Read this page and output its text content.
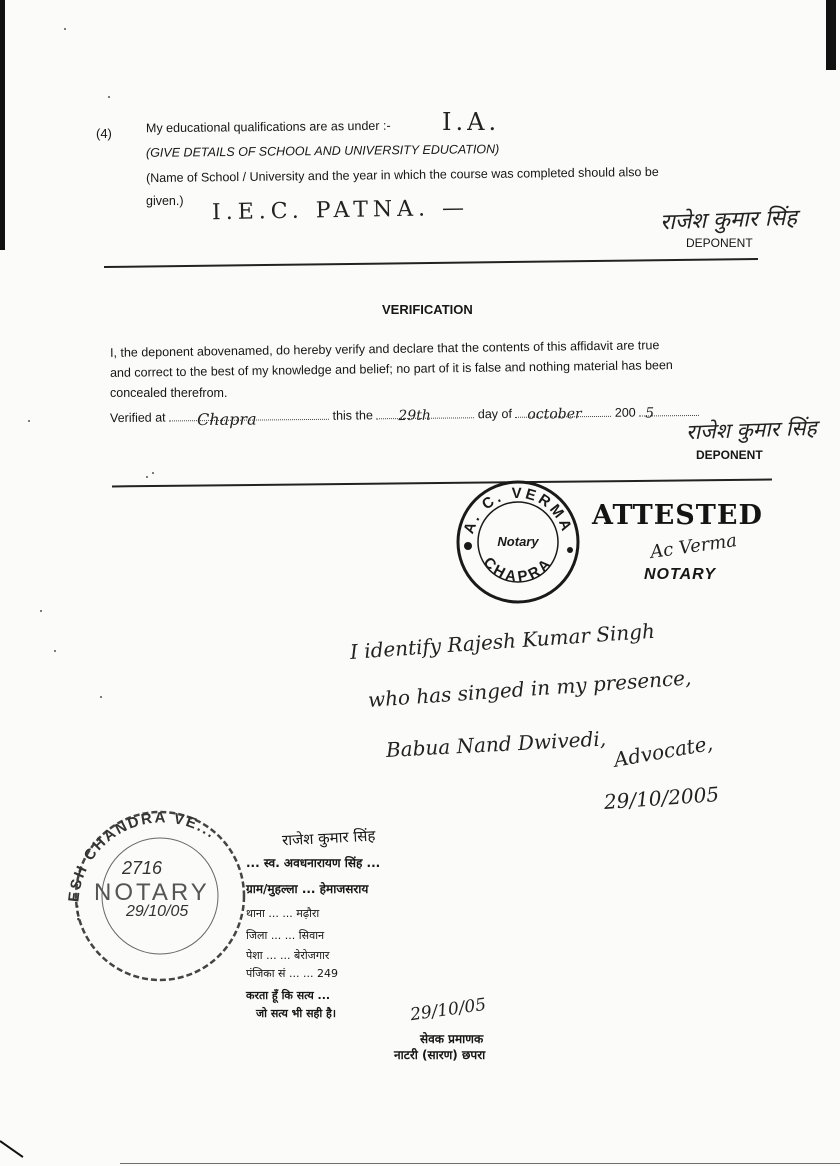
(4)	My educational qualifications are as under :- I.A.
(GIVE DETAILS OF SCHOOL AND UNIVERSITY EDUCATION)
(Name of School / University and the year in which the course was completed should also be
given.) I.E.C. PATNA. —	राजेश कुमार सिंह
DEPONENT
VERIFICATION
I, the deponent abovenamed, do hereby verify and declare that the contents of this affidavit are true
and correct to the best of my knowledge and belief; no part of it is false and nothing material has been
concealed therefrom.
Verified at Chapra	this the 29th	day of october	200 5
राजेश कुमार सिंह
DEPONENT
A. C. VERMA
Notary
CHAPRA
ATTESTED
Ac Verma
NOTARY
I identify Rajesh Kumar Singh
who has singed in my presence,
Babua Nand Dwivedi, Advocate,
29/10/2005
...ESH CHANDRA VE...
2716
NOTARY
29/10/05
राजेश कुमार सिंह
... स्व. अवधनारायण सिंह ...
ग्राम/मुहल्ला ... हेमाजसराय
थाना ... ... मढ़ौरा
जिला ... ... सिवान
पेशा ... ... बेरोजगार
पंजिका सं ... ... 249
करता हूँ कि सत्य ...
जो सत्य भी सही है।	29/10/05
सेवक प्रमाणक
नाटरी (सारण) छपरा
